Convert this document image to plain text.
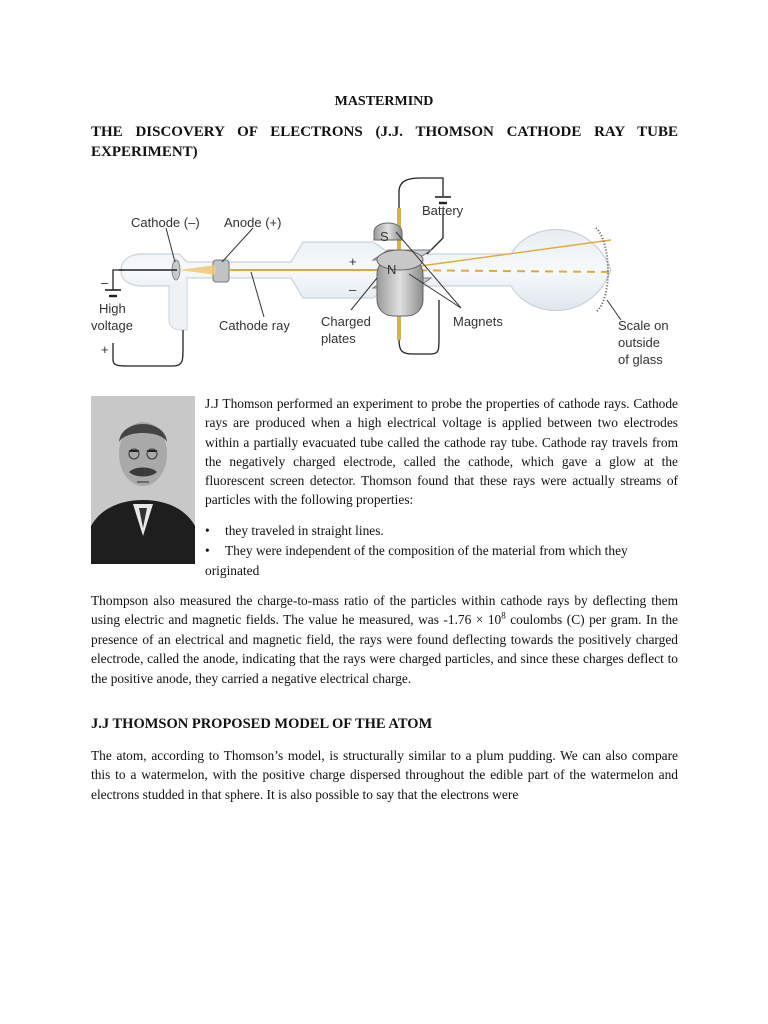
MASTERMIND
THE DISCOVERY OF ELECTRONS (J.J. THOMSON CATHODE RAY TUBE EXPERIMENT)
Cathode (–) Anode (+)
Battery
S
N
+
–
–
+
High
voltage	Cathode ray Charged
plates
Magnets	Scale on
outside
of glass

J.J Thomson performed an experiment to probe the properties of cathode rays. Cathode rays are produced when a high electrical voltage is applied between two electrodes within a partially evacuated tube called the cathode ray tube. Cathode ray travels from the negatively charged electrode, called the cathode, which gave a glow at the fluorescent screen detector. Thomson found that these rays were actually streams of particles with the following properties:

• they traveled in straight lines.
• They were independent of the composition of the material from which they originated

Thompson also measured the charge-to-mass ratio of the particles within cathode rays by deflecting them using electric and magnetic fields. The value he measured, was $-1.76 \times 10^8$ coulombs (C) per gram. In the presence of an electrical and magnetic field, the rays were found deflecting towards the positively charged electrode, called the anode, indicating that the rays were charged particles, and since these charges deflect to the positive anode, they carried a negative electrical charge.

J.J THOMSON PROPOSED MODEL OF THE ATOM

The atom, according to Thomson’s model, is structurally similar to a plum pudding. We can also compare this to a watermelon, with the positive charge dispersed throughout the edible part of the watermelon and electrons studded in that sphere. It is also possible to say that the electrons were
